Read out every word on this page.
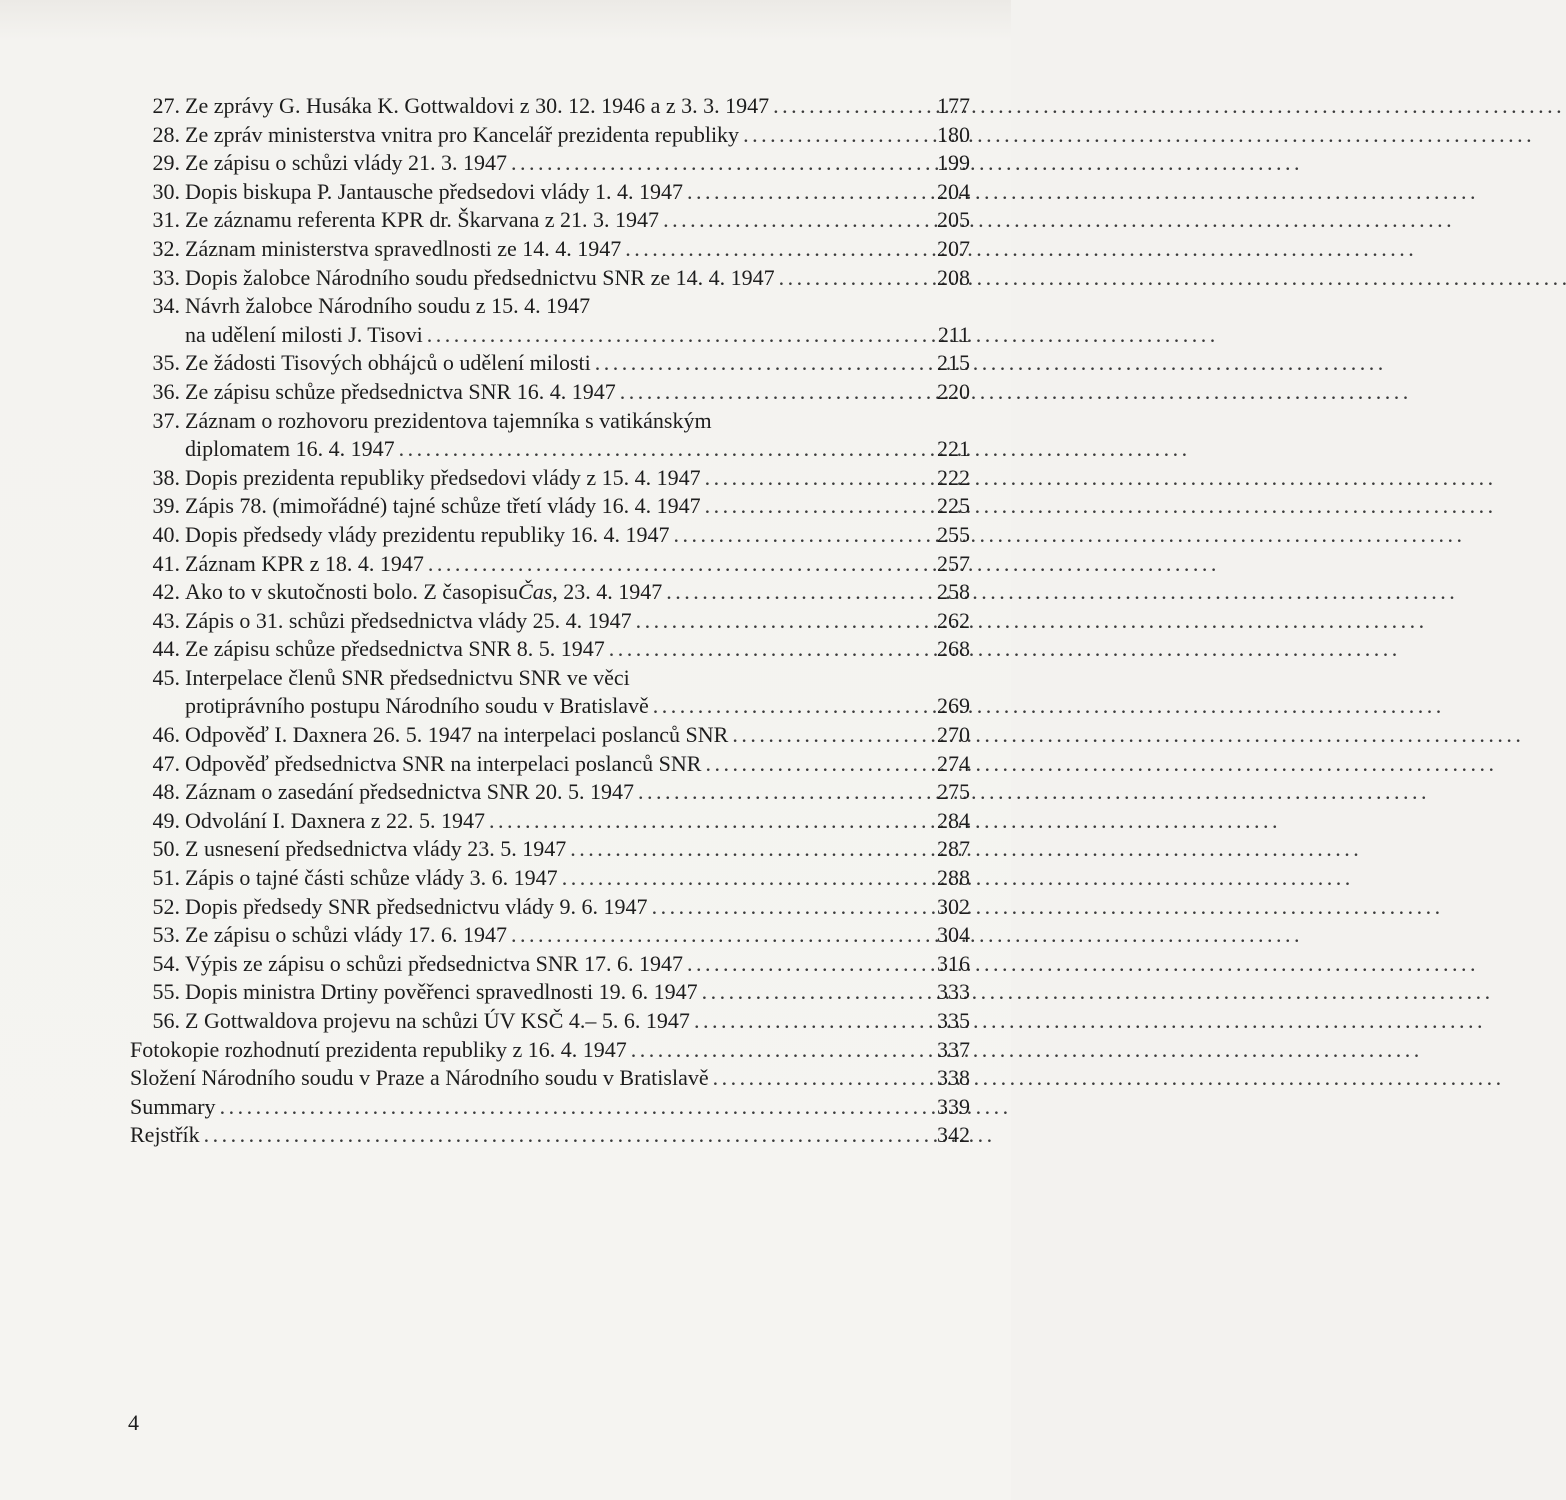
27. Ze zprávy G. Husáka K. Gottwaldovi z 30. 12. 1946 a z 3. 3. 1947 . . .	177
28. Ze zpráv ministerstva vnitra pro Kancelář prezidenta republiky . . .	180
29. Ze zápisu o schůzi vlády 21. 3. 1947 . . .	199
30. Dopis biskupa P. Jantausche předsedovi vlády 1. 4. 1947 . . .	204
31. Ze záznamu referenta KPR dr. Škarvana z 21. 3. 1947 . . .	205
32. Záznam ministerstva spravedlnosti ze 14. 4. 1947 . . .	207
33. Dopis žalobce Národního soudu předsednictvu SNR ze 14. 4. 1947 . . .	208
34. Návrh žalobce Národního soudu z 15. 4. 1947
na udělení milosti J. Tisovi . . .	211
35. Ze žádosti Tisových obhájců o udělení milosti . . .	215
36. Ze zápisu schůze předsednictva SNR 16. 4. 1947 . . .	220
37. Záznam o rozhovoru prezidentova tajemníka s vatikánským
diplomatem 16. 4. 1947 . . .	221
38. Dopis prezidenta republiky předsedovi vlády z 15. 4. 1947 . . .	222
39. Zápis 78. (mimořádné) tajné schůze třetí vlády 16. 4. 1947 . . .	225
40. Dopis předsedy vlády prezidentu republiky 16. 4. 1947 . . .	255
41. Záznam KPR z 18. 4. 1947 . . .	257
42. Ako to v skutočnosti bolo. Z časopisuČas, 23. 4. 1947 . . .	258
43. Zápis o 31. schůzi předsednictva vlády 25. 4. 1947 . . .	262
44. Ze zápisu schůze předsednictva SNR 8. 5. 1947 . . .	268
45. Interpelace členů SNR předsednictvu SNR ve věci
protiprávního postupu Národního soudu v Bratislavě . . .	269
46. Odpověď I. Daxnera 26. 5. 1947 na interpelaci poslanců SNR . . .	270
47. Odpověď předsednictva SNR na interpelaci poslanců SNR . . .	274
48. Záznam o zasedání předsednictva SNR 20. 5. 1947 . . .	275
49. Odvolání I. Daxnera z 22. 5. 1947 . . .	284
50. Z usnesení předsednictva vlády 23. 5. 1947 . . .	287
51. Zápis o tajné části schůze vlády 3. 6. 1947 . . .	288
52. Dopis předsedy SNR předsednictvu vlády 9. 6. 1947 . . .	302
53. Ze zápisu o schůzi vlády 17. 6. 1947 . . .	304
54. Výpis ze zápisu o schůzi předsednictva SNR 17. 6. 1947 . . .	316
55. Dopis ministra Drtiny pověřenci spravedlnosti 19. 6. 1947 . . .	333
56. Z Gottwaldova projevu na schůzi ÚV KSČ 4.– 5. 6. 1947 . . .	335
Fotokopie rozhodnutí prezidenta republiky z 16. 4. 1947 . . .	337
Složení Národního soudu v Praze a Národního soudu v Bratislavě . . .	338
Summary . . .	339
Rejstřík . . .	342
4
